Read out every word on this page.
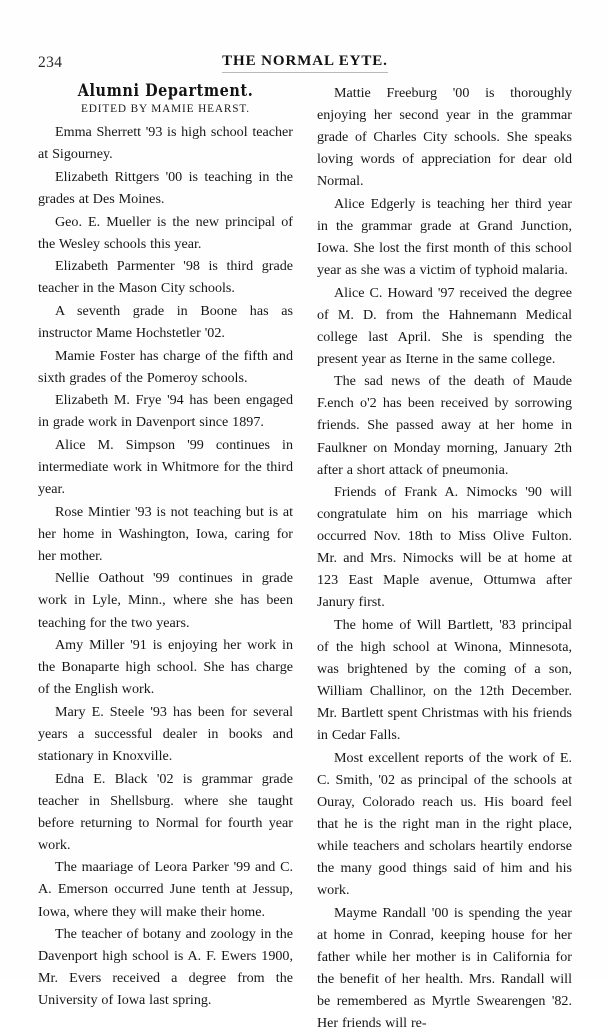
234	THE NORMAL EYTE.
Alumni Department.
EDITED BY MAMIE HEARST.

Emma Sherrett '93 is high school teacher at Sigourney.

Elizabeth Rittgers '00 is teaching in the grades at Des Moines.

Geo. E. Mueller is the new principal of the Wesley schools this year.

Elizabeth Parmenter '98 is third grade teacher in the Mason City schools.

A seventh grade in Boone has as instructor Mame Hochstetler '02.

Mamie Foster has charge of the fifth and sixth grades of the Pomeroy schools.

Elizabeth M. Frye '94 has been engaged in grade work in Davenport since 1897.

Alice M. Simpson '99 continues in intermediate work in Whitmore for the third year.

Rose Mintier '93 is not teaching but is at her home in Washington, Iowa, caring for her mother.

Nellie Oathout '99 continues in grade work in Lyle, Minn., where she has been teaching for the two years.

Amy Miller '91 is enjoying her work in the Bonaparte high school. She has charge of the English work.

Mary E. Steele '93 has been for several years a successful dealer in books and stationary in Knoxville.

Edna E. Black '02 is grammar grade teacher in Shellsburg. where she taught before returning to Normal for fourth year work.

The maariage of Leora Parker '99 and C. A. Emerson occurred June tenth at Jessup, Iowa, where they will make their home.

The teacher of botany and zoology in the Davenport high school is A. F. Ewers 1900, Mr. Evers received a degree from the University of Iowa last spring.

Mattie Freeburg '00 is thoroughly enjoying her second year in the grammar grade of Charles City schools. She speaks loving words of appreciation for dear old Normal.

Alice Edgerly is teaching her third year in the grammar grade at Grand Junction, Iowa. She lost the first month of this school year as she was a victim of typhoid malaria.

Alice C. Howard '97 received the degree of M. D. from the Hahnemann Medical college last April. She is spending the present year as Iterne in the same college.

The sad news of the death of Maude F.ench o'2 has been received by sorrowing friends. She passed away at her home in Faulkner on Monday morning, January 2th after a short attack of pneumonia.

Friends of Frank A. Nimocks '90 will congratulate him on his marriage which occurred Nov. 18th to Miss Olive Fulton. Mr. and Mrs. Nimocks will be at home at 123 East Maple avenue, Ottumwa after Janury first.

The home of Will Bartlett, '83 principal of the high school at Winona, Minnesota, was brightened by the coming of a son, William Challinor, on the 12th December. Mr. Bartlett spent Christmas with his friends in Cedar Falls.

Most excellent reports of the work of E. C. Smith, '02 as principal of the schools at Ouray, Colorado reach us. His board feel that he is the right man in the right place, while teachers and scholars heartily endorse the many good things said of him and his work.

Mayme Randall '00 is spending the year at home in Conrad, keeping house for her father while her mother is in California for the benefit of her health. Mrs. Randall will be remembered as Myrtle Swearengen '82. Her friends will re-
